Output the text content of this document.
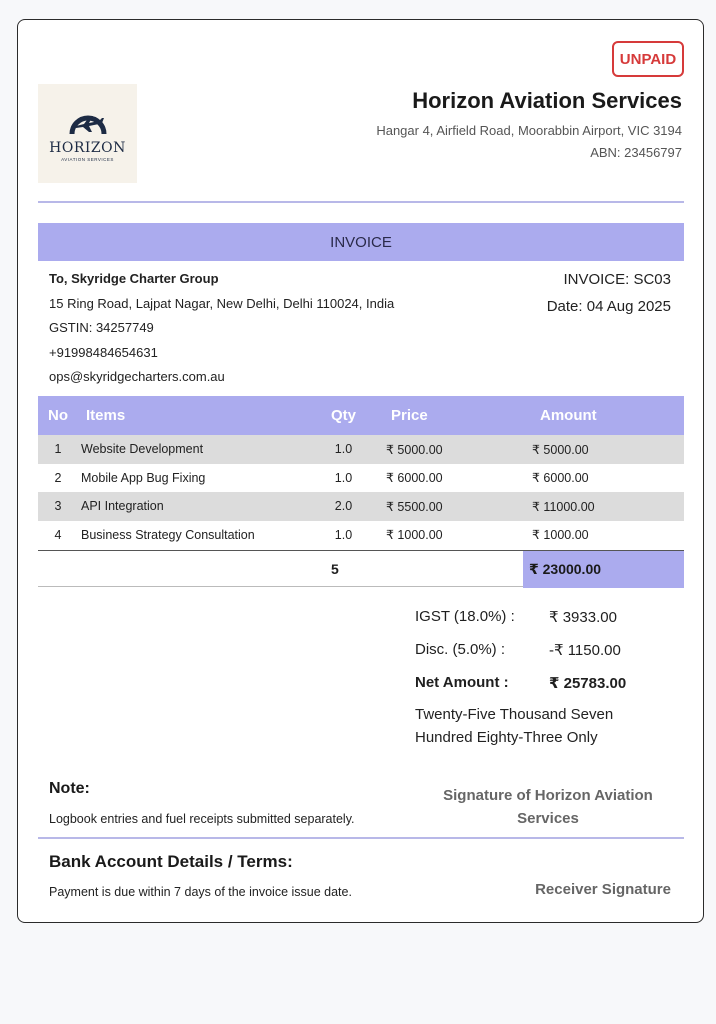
UNPAID
HORIZON
AVIATION SERVICES
Horizon Aviation Services
Hangar 4, Airfield Road, Moorabbin Airport, VIC 3194
ABN: 23456797
INVOICE
To, Skyridge Charter Group
15 Ring Road, Lajpat Nagar, New Delhi, Delhi 110024, India
GSTIN: 34257749
+91998484654631
ops@skyridgecharters.com.au
INVOICE: SC03
Date: 04 Aug 2025
No	Items	Qty	Price	Amount
1	Website Development	1.0	₹ 5000.00	₹ 5000.00
2	Mobile App Bug Fixing	1.0	₹ 6000.00	₹ 6000.00
3	API Integration	2.0	₹ 5500.00	₹ 11000.00
4	Business Strategy Consultation	1.0	₹ 1000.00	₹ 1000.00
5	₹ 23000.00
IGST (18.0%) : ₹ 3933.00
Disc. (5.0%) :	-₹ 1150.00
Net Amount :	₹ 25783.00
Twenty-Five Thousand Seven Hundred Eighty-Three Only
Note:
Logbook entries and fuel receipts submitted separately.
Signature of Horizon Aviation Services
Bank Account Details / Terms:
Payment is due within 7 days of the invoice issue date.	Receiver Signature
